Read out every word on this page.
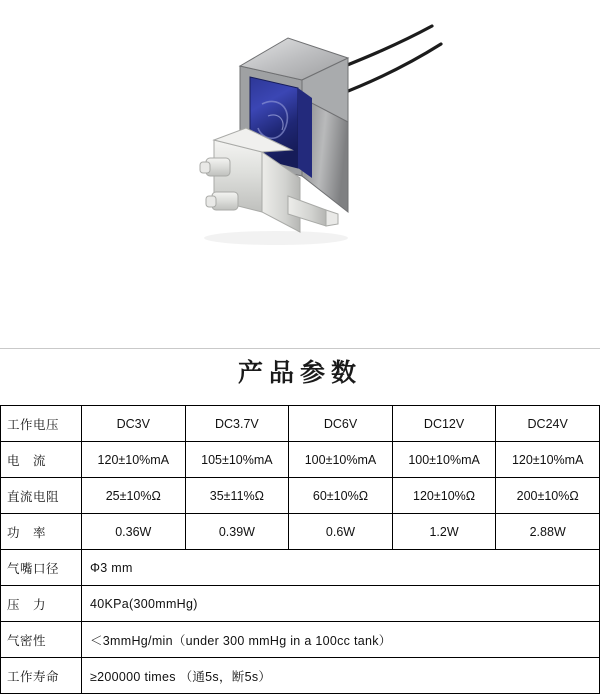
产品参数
工作电压	DC3V	DC3.7V	DC6V	DC12V	DC24V
电　流	120±10%mA	105±10%mA	100±10%mA	100±10%mA	120±10%mA
直流电阻	25±10%Ω	35±11%Ω	60±10%Ω	120±10%Ω	200±10%Ω
功　率	0.36W	0.39W	0.6W	1.2W	2.88W
气嘴口径	Φ3 mm				
压　力	40KPa(300mmHg)				
气密性	＜3mmHg/min（under 300 mmHg in a 100cc tank）				
工作寿命	≥200000 times （通5s，断5s）				
